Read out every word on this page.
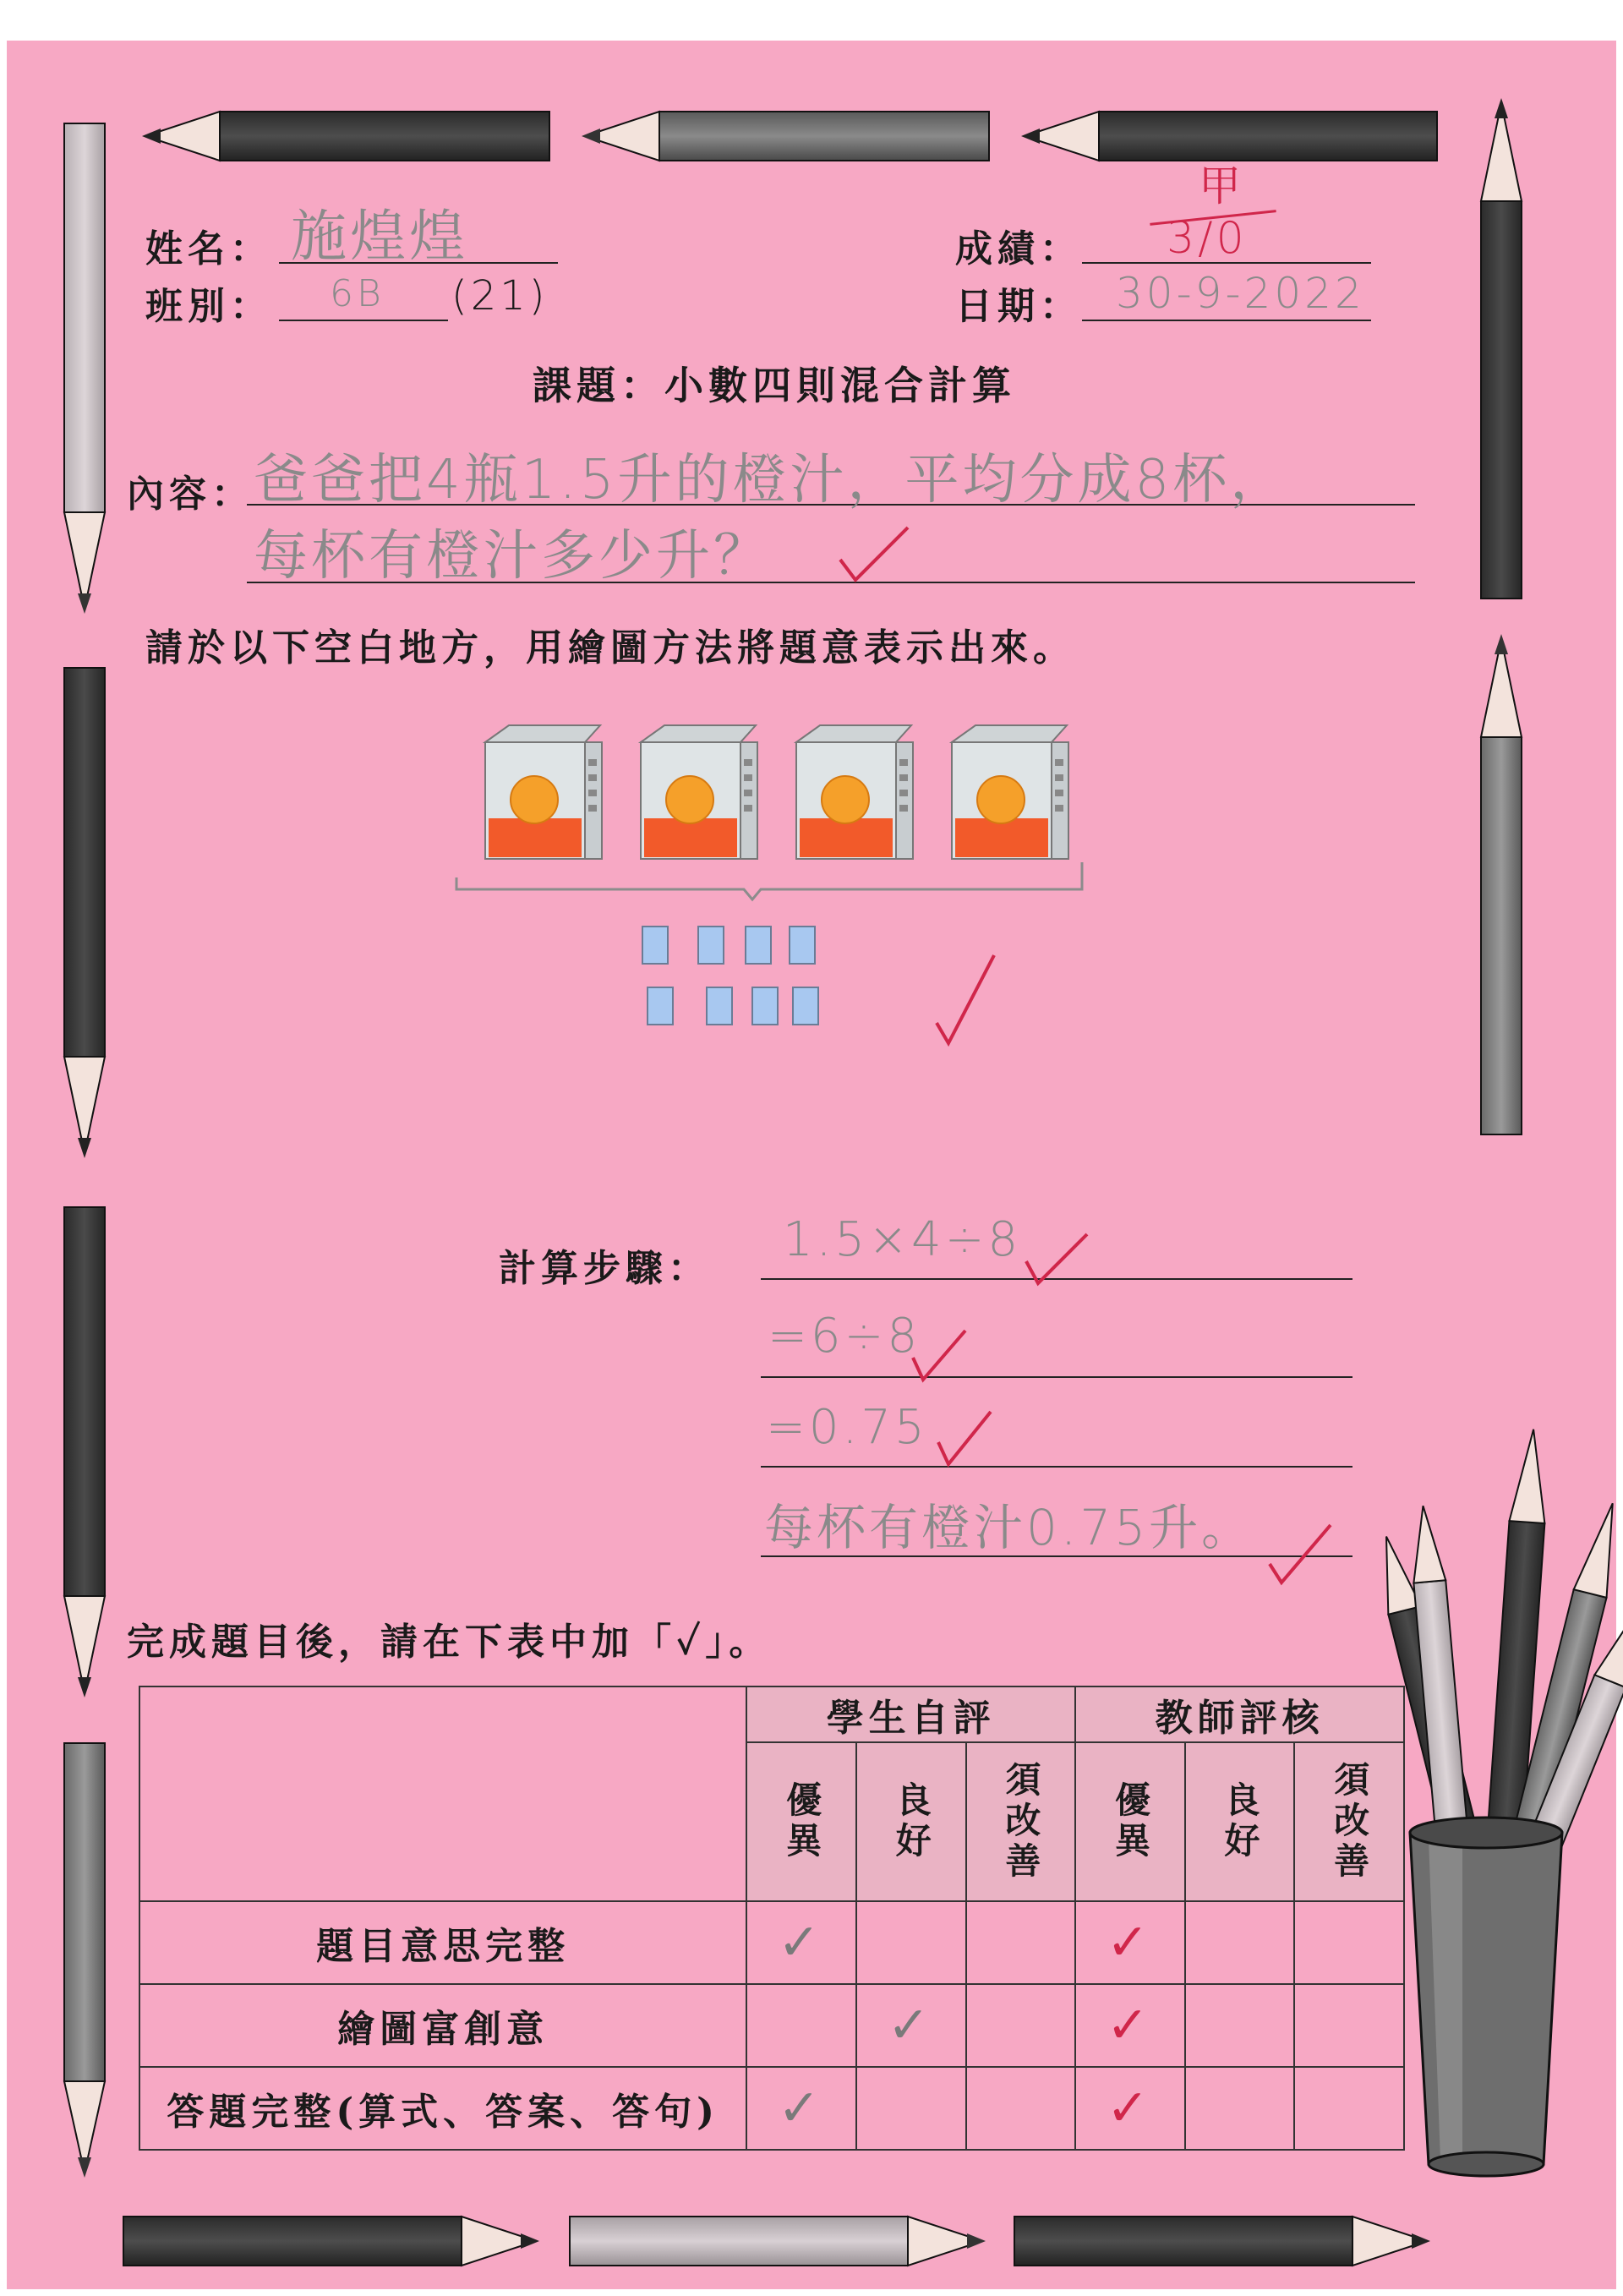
姓名： 施煌煌
班別： 6B (21)
成績：
甲
3/0
日期： 30-9-2022
課題：小數四則混合計算
內容： 爸爸把4瓶1.5升的橙汁，平均分成8杯，
每杯有橙汁多少升？
請於以下空白地方，用繪圖方法將題意表示出來。
計算步驟：
1.5×4÷8
=6÷8
=0.75
每杯有橙汁0.75升。
完成題目後，請在下表中加「✓」。
	學生自評			教師評核		

	優異	良好	須改善	優異	良好	須改善

題目意思完整	✓			✓		
繪圖富創意		✓		✓		
答題完整(算式、答案、答句)	✓			✓		
